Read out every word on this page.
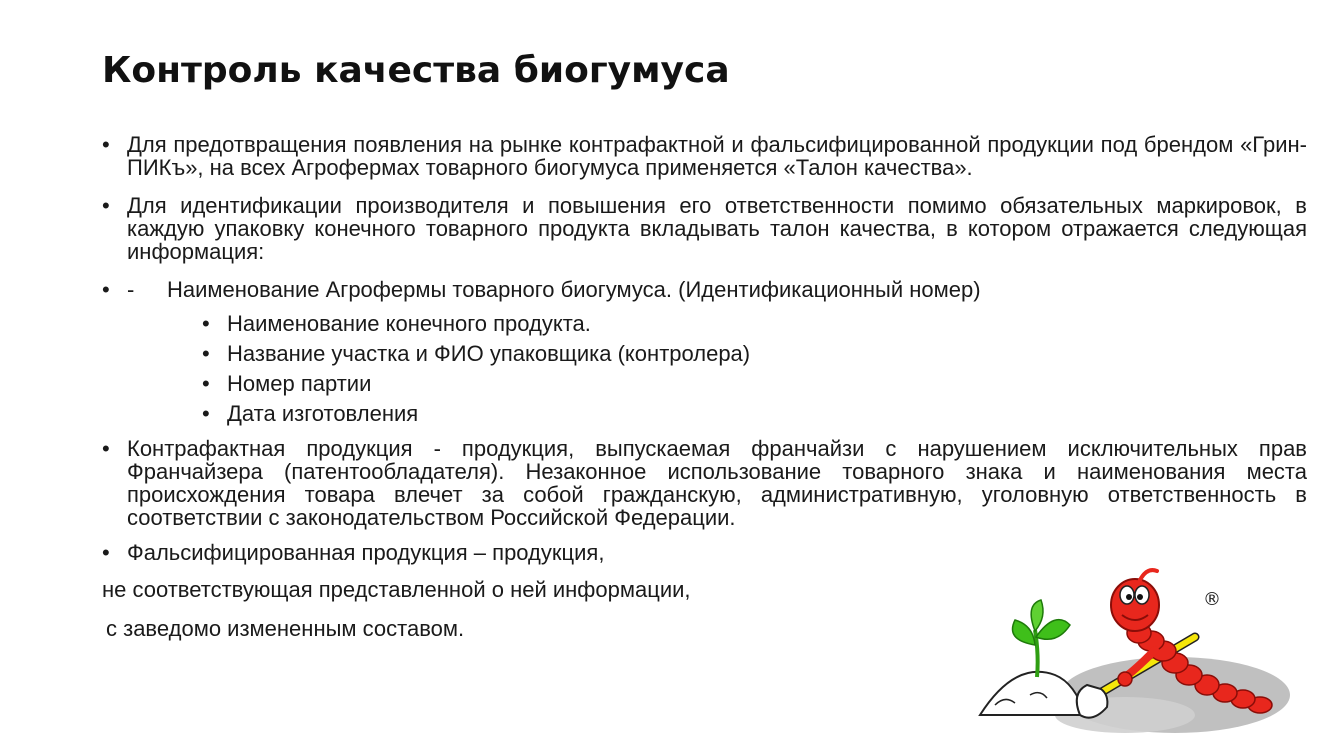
Контроль качества биогумуса

• Для предотвращения появления на рынке контрафактной и фальсифицированной продукции под брендом «Грин-ПИКъ», на всех Агрофермах товарного биогумуса применяется «Талон качества».

• Для идентификации производителя и повышения его ответственности помимо обязательных маркировок, в каждую упаковку конечного товарного продукта вкладывать талон качества, в котором отражается следующая информация:

• - Наименование Агрофермы товарного биогумуса. (Идентификационный номер)

• Наименование конечного продукта.

• Название участка и ФИО упаковщика (контролера)

• Номер партии

• Дата изготовления

• Контрафактная продукция - продукция, выпускаемая франчайзи с нарушением исключительных прав Франчайзера (патентообладателя). Незаконное использование товарного знака и наименования места происхождения товара влечет за собой гражданскую, административную, уголовную ответственность в соответствии с законодательством Российской Федерации.

• Фальсифицированная продукция – продукция,

не соответствующая представленной о ней информации,

с заведомо измененным составом.

®
